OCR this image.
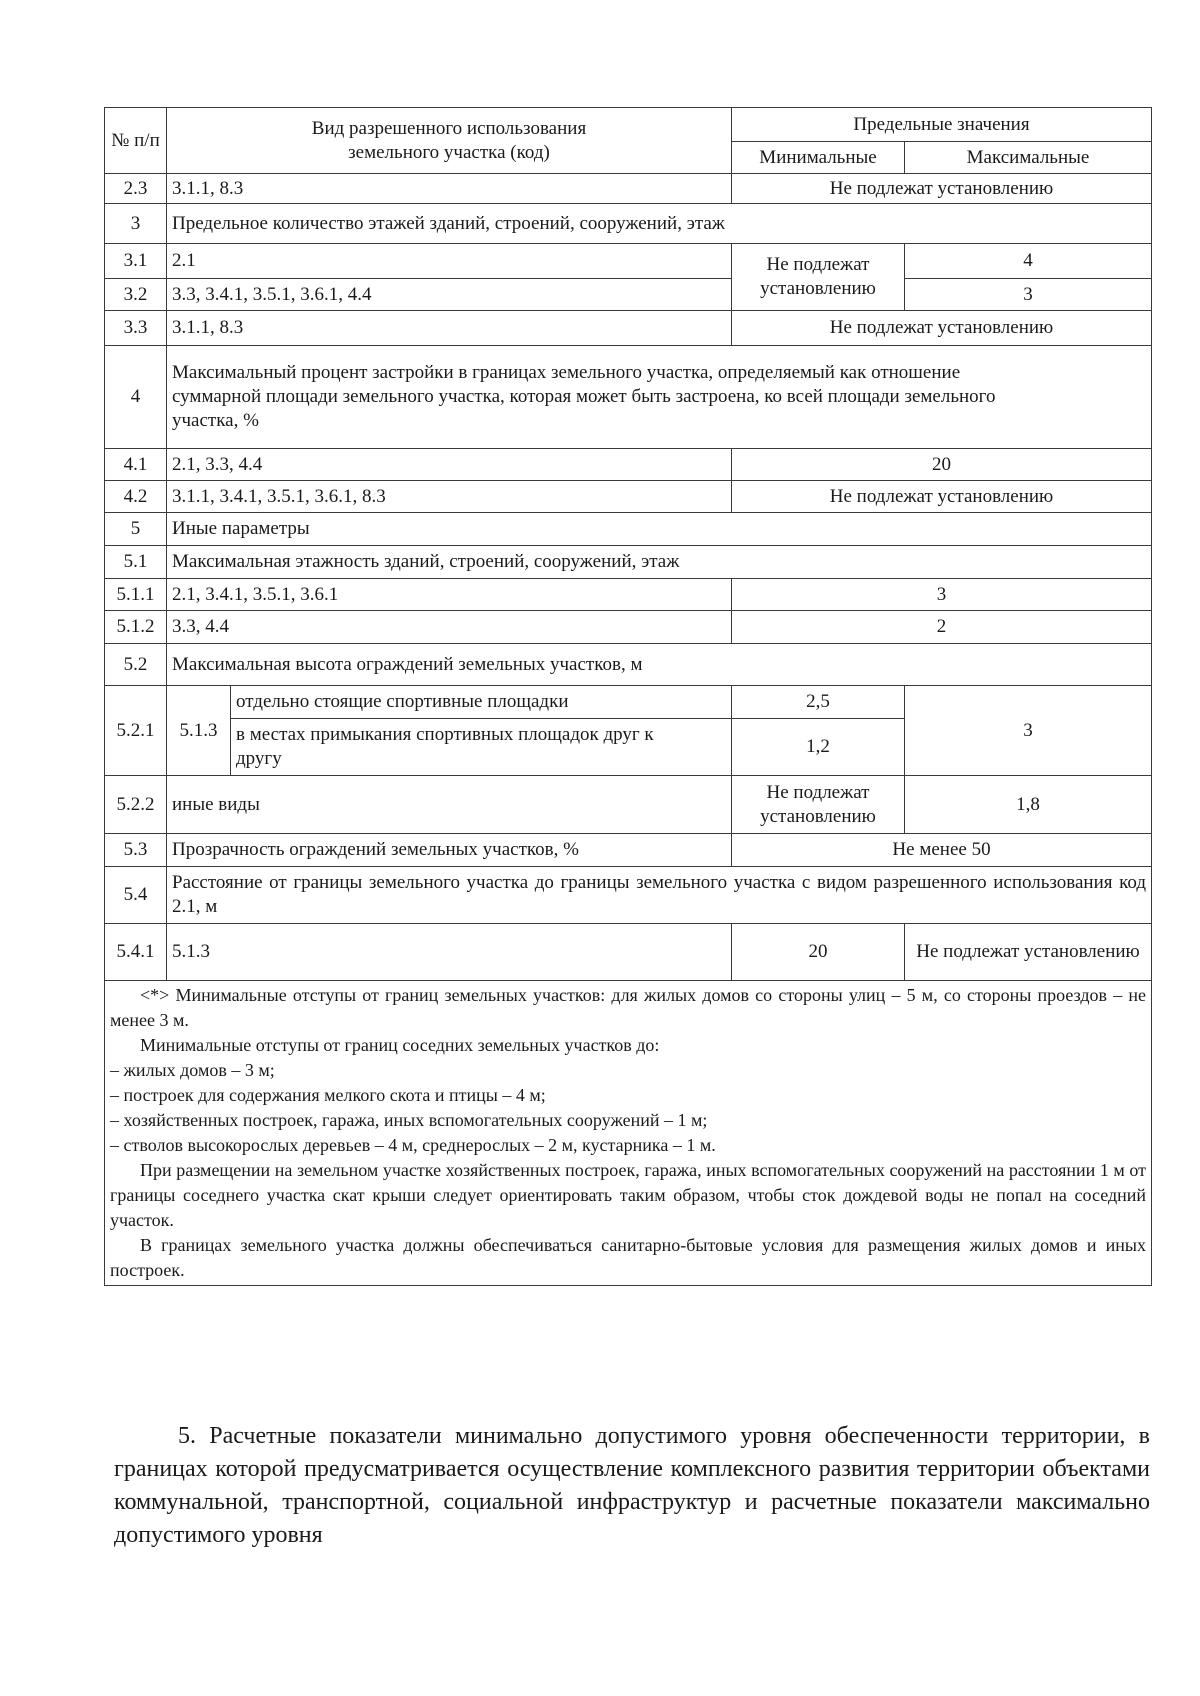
№ п/п	Вид разрешенного использования земельного участка (код)		Предельные значения	
			Минимальные	Максимальные
2.3	3.1.1, 8.3		Не подлежат установлению	
3	Предельное количество этажей зданий, строений, сооружений, этаж			
3.1	2.1		Не подлежат установлению	4
3.2	3.3, 3.4.1, 3.5.1, 3.6.1, 4.4			3
3.3	3.1.1, 8.3		Не подлежат установлению	
4	Максимальный процент застройки в границах земельного участка, определяемый как отношение суммарной площади земельного участка, которая может быть застроена, ко всей площади земельного участка, %			
4.1	2.1, 3.3, 4.4		20	
4.2	3.1.1, 3.4.1, 3.5.1, 3.6.1, 8.3		Не подлежат установлению	
5	Иные параметры			
5.1	Максимальная этажность зданий, строений, сооружений, этаж			
5.1.1	2.1, 3.4.1, 3.5.1, 3.6.1		3	
5.1.2	3.3, 4.4		2	
5.2	Максимальная высота ограждений земельных участков, м			
5.2.1	5.1.3	отдельно стоящие спортивные площадки	2,5	3
		в местах примыкания спортивных площадок друг к другу	1,2	
5.2.2	иные виды		Не подлежат установлению	1,8
5.3	Прозрачность ограждений земельных участков, %		Не менее 50	
5.4	Расстояние от границы земельного участка до границы земельного участка с видом разрешенного использования код 2.1, м			
5.4.1	5.1.3		20	Не подлежат установлению

<*> Минимальные отступы от границ земельных участков: для жилых домов со стороны улиц – 5 м, со стороны проездов – не менее 3 м.

Минимальные отступы от границ соседних земельных участков до:

– жилых домов – 3 м;

– построек для содержания мелкого скота и птицы – 4 м;

– хозяйственных построек, гаража, иных вспомогательных сооружений – 1 м;

– стволов высокорослых деревьев – 4 м, среднерослых – 2 м, кустарника – 1 м.

При размещении на земельном участке хозяйственных построек, гаража, иных вспомогательных сооружений на расстоянии 1 м от границы соседнего участка скат крыши следует ориентировать таким образом, чтобы сток дождевой воды не попал на соседний участок.

В границах земельного участка должны обеспечиваться санитарно-бытовые условия для размещения жилых домов и иных построек.

5. Расчетные показатели минимально допустимого уровня обеспеченности территории, в границах которой предусматривается осуществление комплексного развития территории объектами коммунальной, транспортной, социальной инфраструктур и расчетные показатели максимально допустимого уровня
